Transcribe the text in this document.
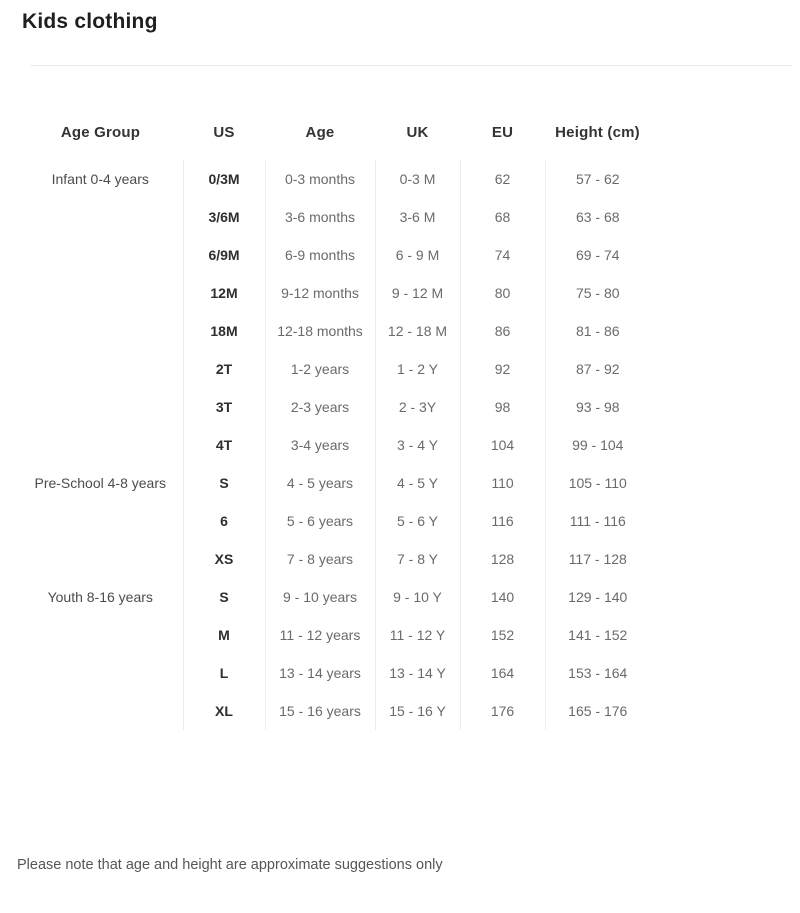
Kids clothing
Age Group	US	Age	UK	EU	Height (cm)
Infant 0-4 years	0/3M	0-3 months	0-3 M	62	57 - 62
	3/6M	3-6 months	3-6 M	68	63 - 68
	6/9M	6-9 months	6 - 9 M	74	69 - 74
	12M	9-12 months	9 - 12 M	80	75 - 80
	18M	12-18 months	12 - 18 M	86	81 - 86
	2T	1-2 years	1 - 2 Y	92	87 - 92
	3T	2-3 years	2 - 3Y	98	93 - 98
	4T	3-4 years	3 - 4 Y	104	99 - 104
Pre-School 4-8 years	S	4 - 5 years	4 - 5 Y	110	105 - 110
	6	5 - 6 years	5 - 6 Y	116	111 - 116
	XS	7 - 8 years	7 - 8 Y	128	117 - 128
Youth 8-16 years	S	9 - 10 years	9 - 10 Y	140	129 - 140
	M	11 - 12 years	11 - 12 Y	152	141 - 152
	L	13 - 14 years	13 - 14 Y	164	153 - 164
	XL	15 - 16 years	15 - 16 Y	176	165 - 176

Please note that age and height are approximate suggestions only
